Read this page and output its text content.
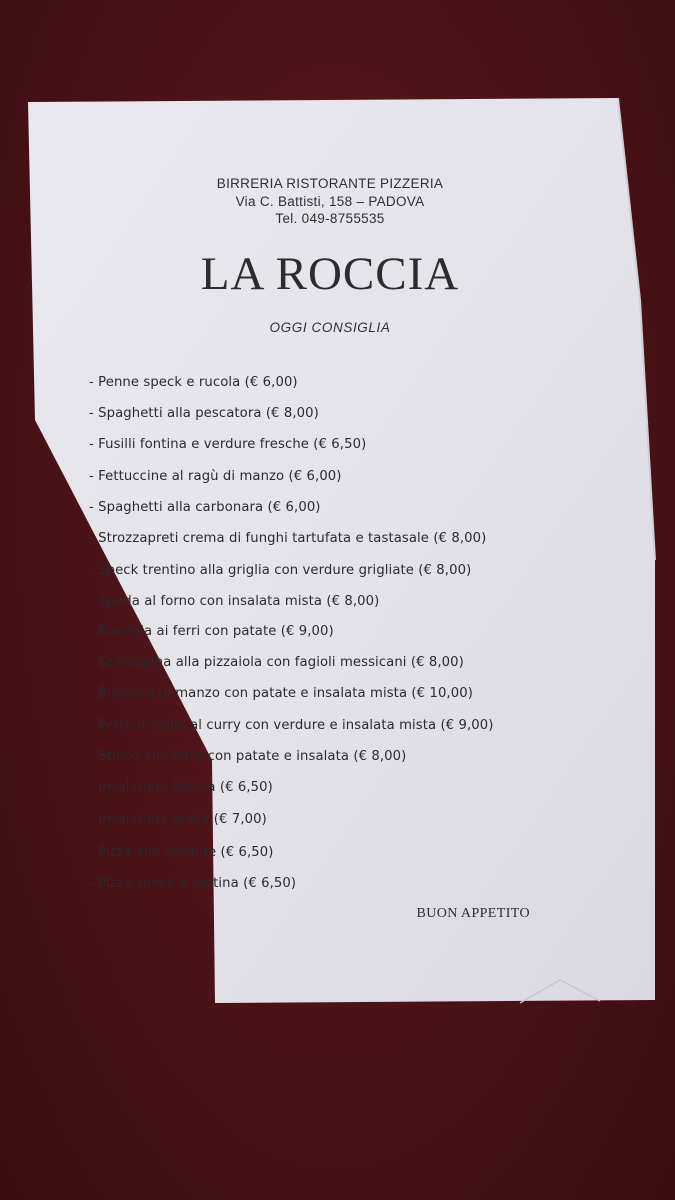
BIRRERIA RISTORANTE PIZZERIA
Via C. Battisti, 158 – PADOVA
Tel. 049-8755535
LA ROCCIA
OGGI CONSIGLIA
- Penne speck e rucola (€ 6,00)
- Spaghetti alla pescatora (€ 8,00)
- Fusilli fontina e verdure fresche (€ 6,50)
- Fettuccine al ragù di manzo (€ 6,00)
- Spaghetti alla carbonara (€ 6,00)
- Strozzapreti crema di funghi tartufata e tastasale (€ 8,00)
- Speck trentino alla griglia con verdure grigliate (€ 8,00)
- Spada al forno con insalata mista (€ 8,00)
- Braciola ai ferri con patate (€ 9,00)
- Scaloppina alla pizzaiola con fagioli messicani (€ 8,00)
- Bistecca di manzo con patate e insalata mista (€ 10,00)
- Petto di pollo al curry con verdure e insalata mista (€ 9,00)
- Stinco alla birra con patate e insalata (€ 8,00)
- Insalatona Roccia (€ 6,50)
- Insalatona greca (€ 7,00)
- Pizza alle verdure (€ 6,50)
- Pizza speck e fontina (€ 6,50)
BUON APPETITO
